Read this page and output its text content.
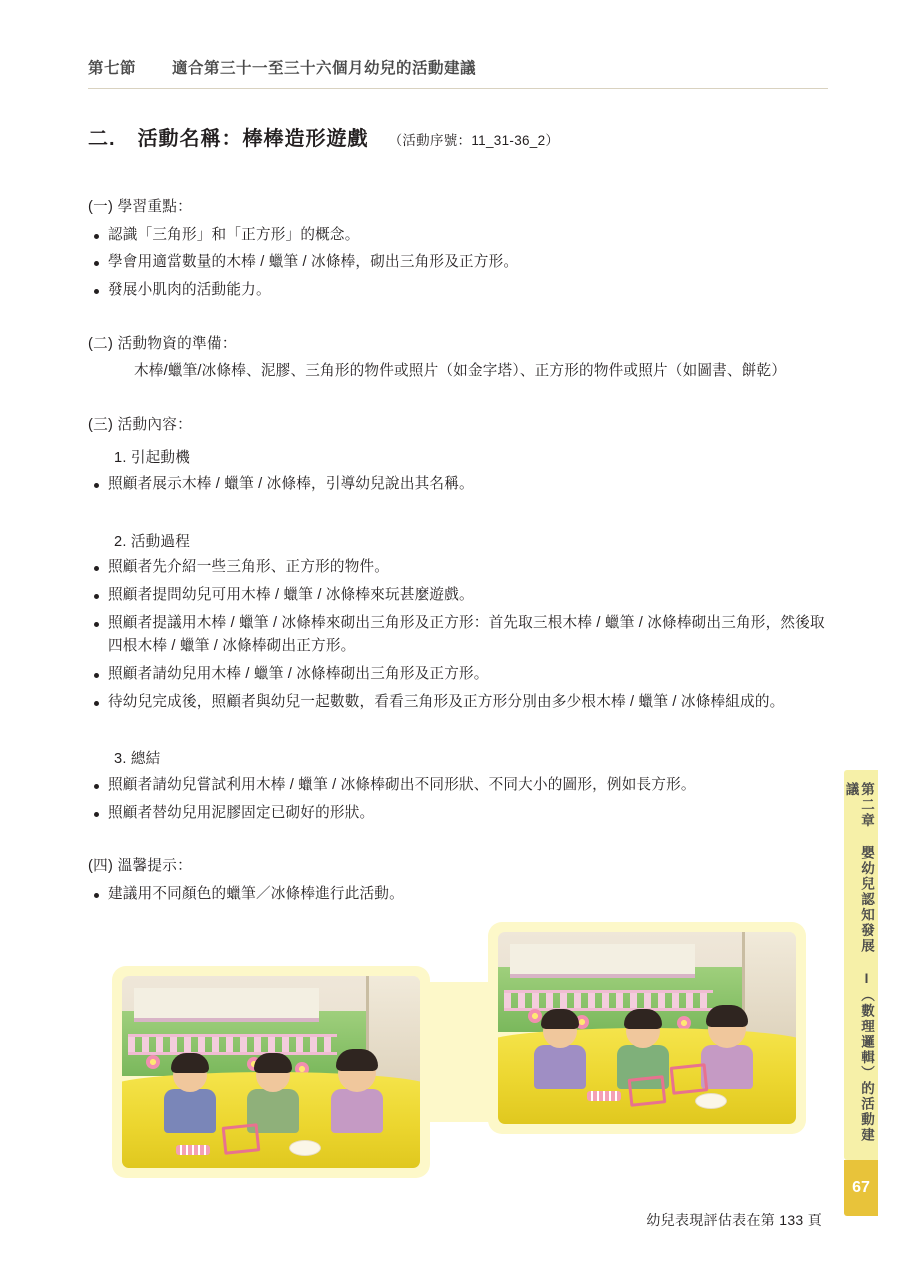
第七節 適合第三十一至三十六個月幼兒的活動建議
二. 活動名稱：棒棒造形遊戲 （活動序號：11_31-36_2）
(一) 學習重點：
認識「三角形」和「正方形」的概念。
學會用適當數量的木棒 / 蠟筆 / 冰條棒，砌出三角形及正方形。
發展小肌肉的活動能力。
(二) 活動物資的準備：
木棒/蠟筆/冰條棒、泥膠、三角形的物件或照片（如金字塔）、正方形的物件或照片（如圖書、餅乾）
(三) 活動內容：
1. 引起動機
照顧者展示木棒 / 蠟筆 / 冰條棒，引導幼兒說出其名稱。
2. 活動過程
照顧者先介紹一些三角形、正方形的物件。
照顧者提問幼兒可用木棒 / 蠟筆 / 冰條棒來玩甚麼遊戲。
照顧者提議用木棒 / 蠟筆 / 冰條棒來砌出三角形及正方形：首先取三根木棒 / 蠟筆 / 冰條棒砌出三角形，然後取四根木棒 / 蠟筆 / 冰條棒砌出正方形。
照顧者請幼兒用木棒 / 蠟筆 / 冰條棒砌出三角形及正方形。
待幼兒完成後，照顧者與幼兒一起數數，看看三角形及正方形分別由多少根木棒 / 蠟筆 / 冰條棒組成的。
3. 總結
照顧者請幼兒嘗試利用木棒 / 蠟筆 / 冰條棒砌出不同形狀、不同大小的圖形，例如長方形。
照顧者替幼兒用泥膠固定已砌好的形狀。
(四) 溫馨提示：
建議用不同顏色的蠟筆／冰條棒進行此活動。	第二章 嬰幼兒認知發展 I（數理邏輯）的活動建議
67
幼兒表現評估表在第 133 頁
